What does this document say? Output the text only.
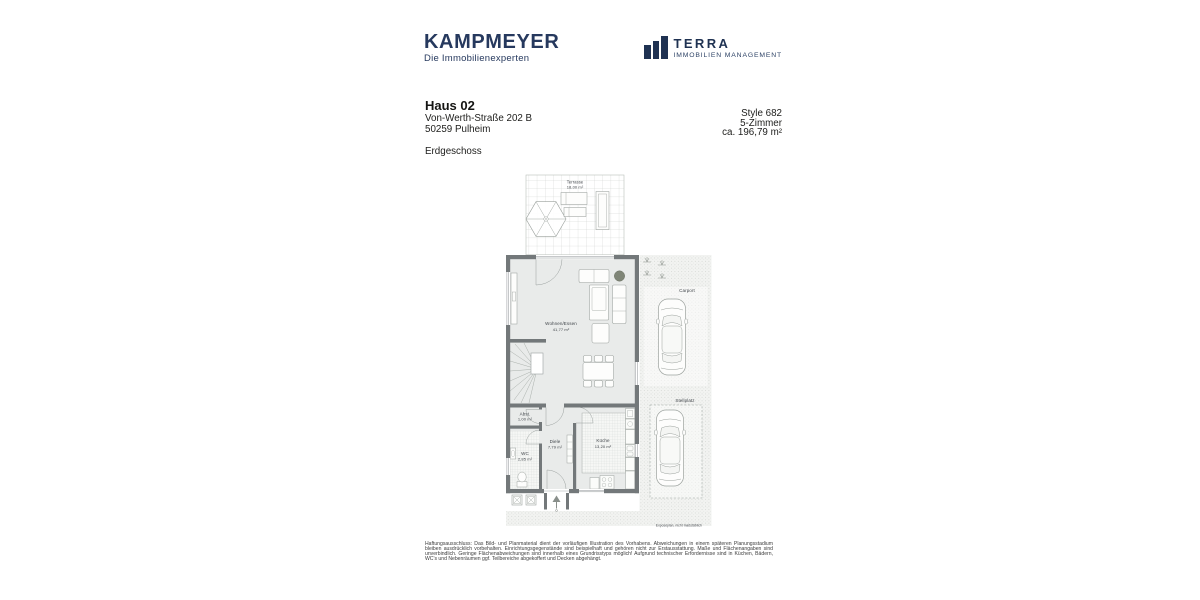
KAMPMEYER
Die Immobilienexperten
TERRA
IMMOBILIEN MANAGEMENT
Haus 02
Von-Werth-Straße 202 B
50259 Pulheim
Erdgeschoss
Style 682
5-Zimmer
ca. 196,79 m²
Terrasse
18,00 m²
Wohnen/Essen
41,77 m²
Abst.
1,00 m²
Diele
7,79 m²
WC
2,85 m²
Küche
13,20 m²
Carport
Stellplatz
Exposéplan, nicht maßstäblich
Haftungsausschluss: Das Bild- und Planmaterial dient der vorläufigen Illustration des Vorhabens. Abweichungen in einem späteren Planungsstadium bleiben ausdrücklich vorbehalten. Einrichtungsgegenstände sind beispielhaft und gehören nicht zur Erstausstattung. Maße und Flächenangaben sind unverbindlich. Geringe Flächenabweichungen sind innerhalb eines Grundrisstyps möglich! Aufgrund technischer Erfordernisse sind in Küchen, Bädern, WC's und Nebenräumen ggf. Teilbereiche abgekoffert und Decken abgehängt.
